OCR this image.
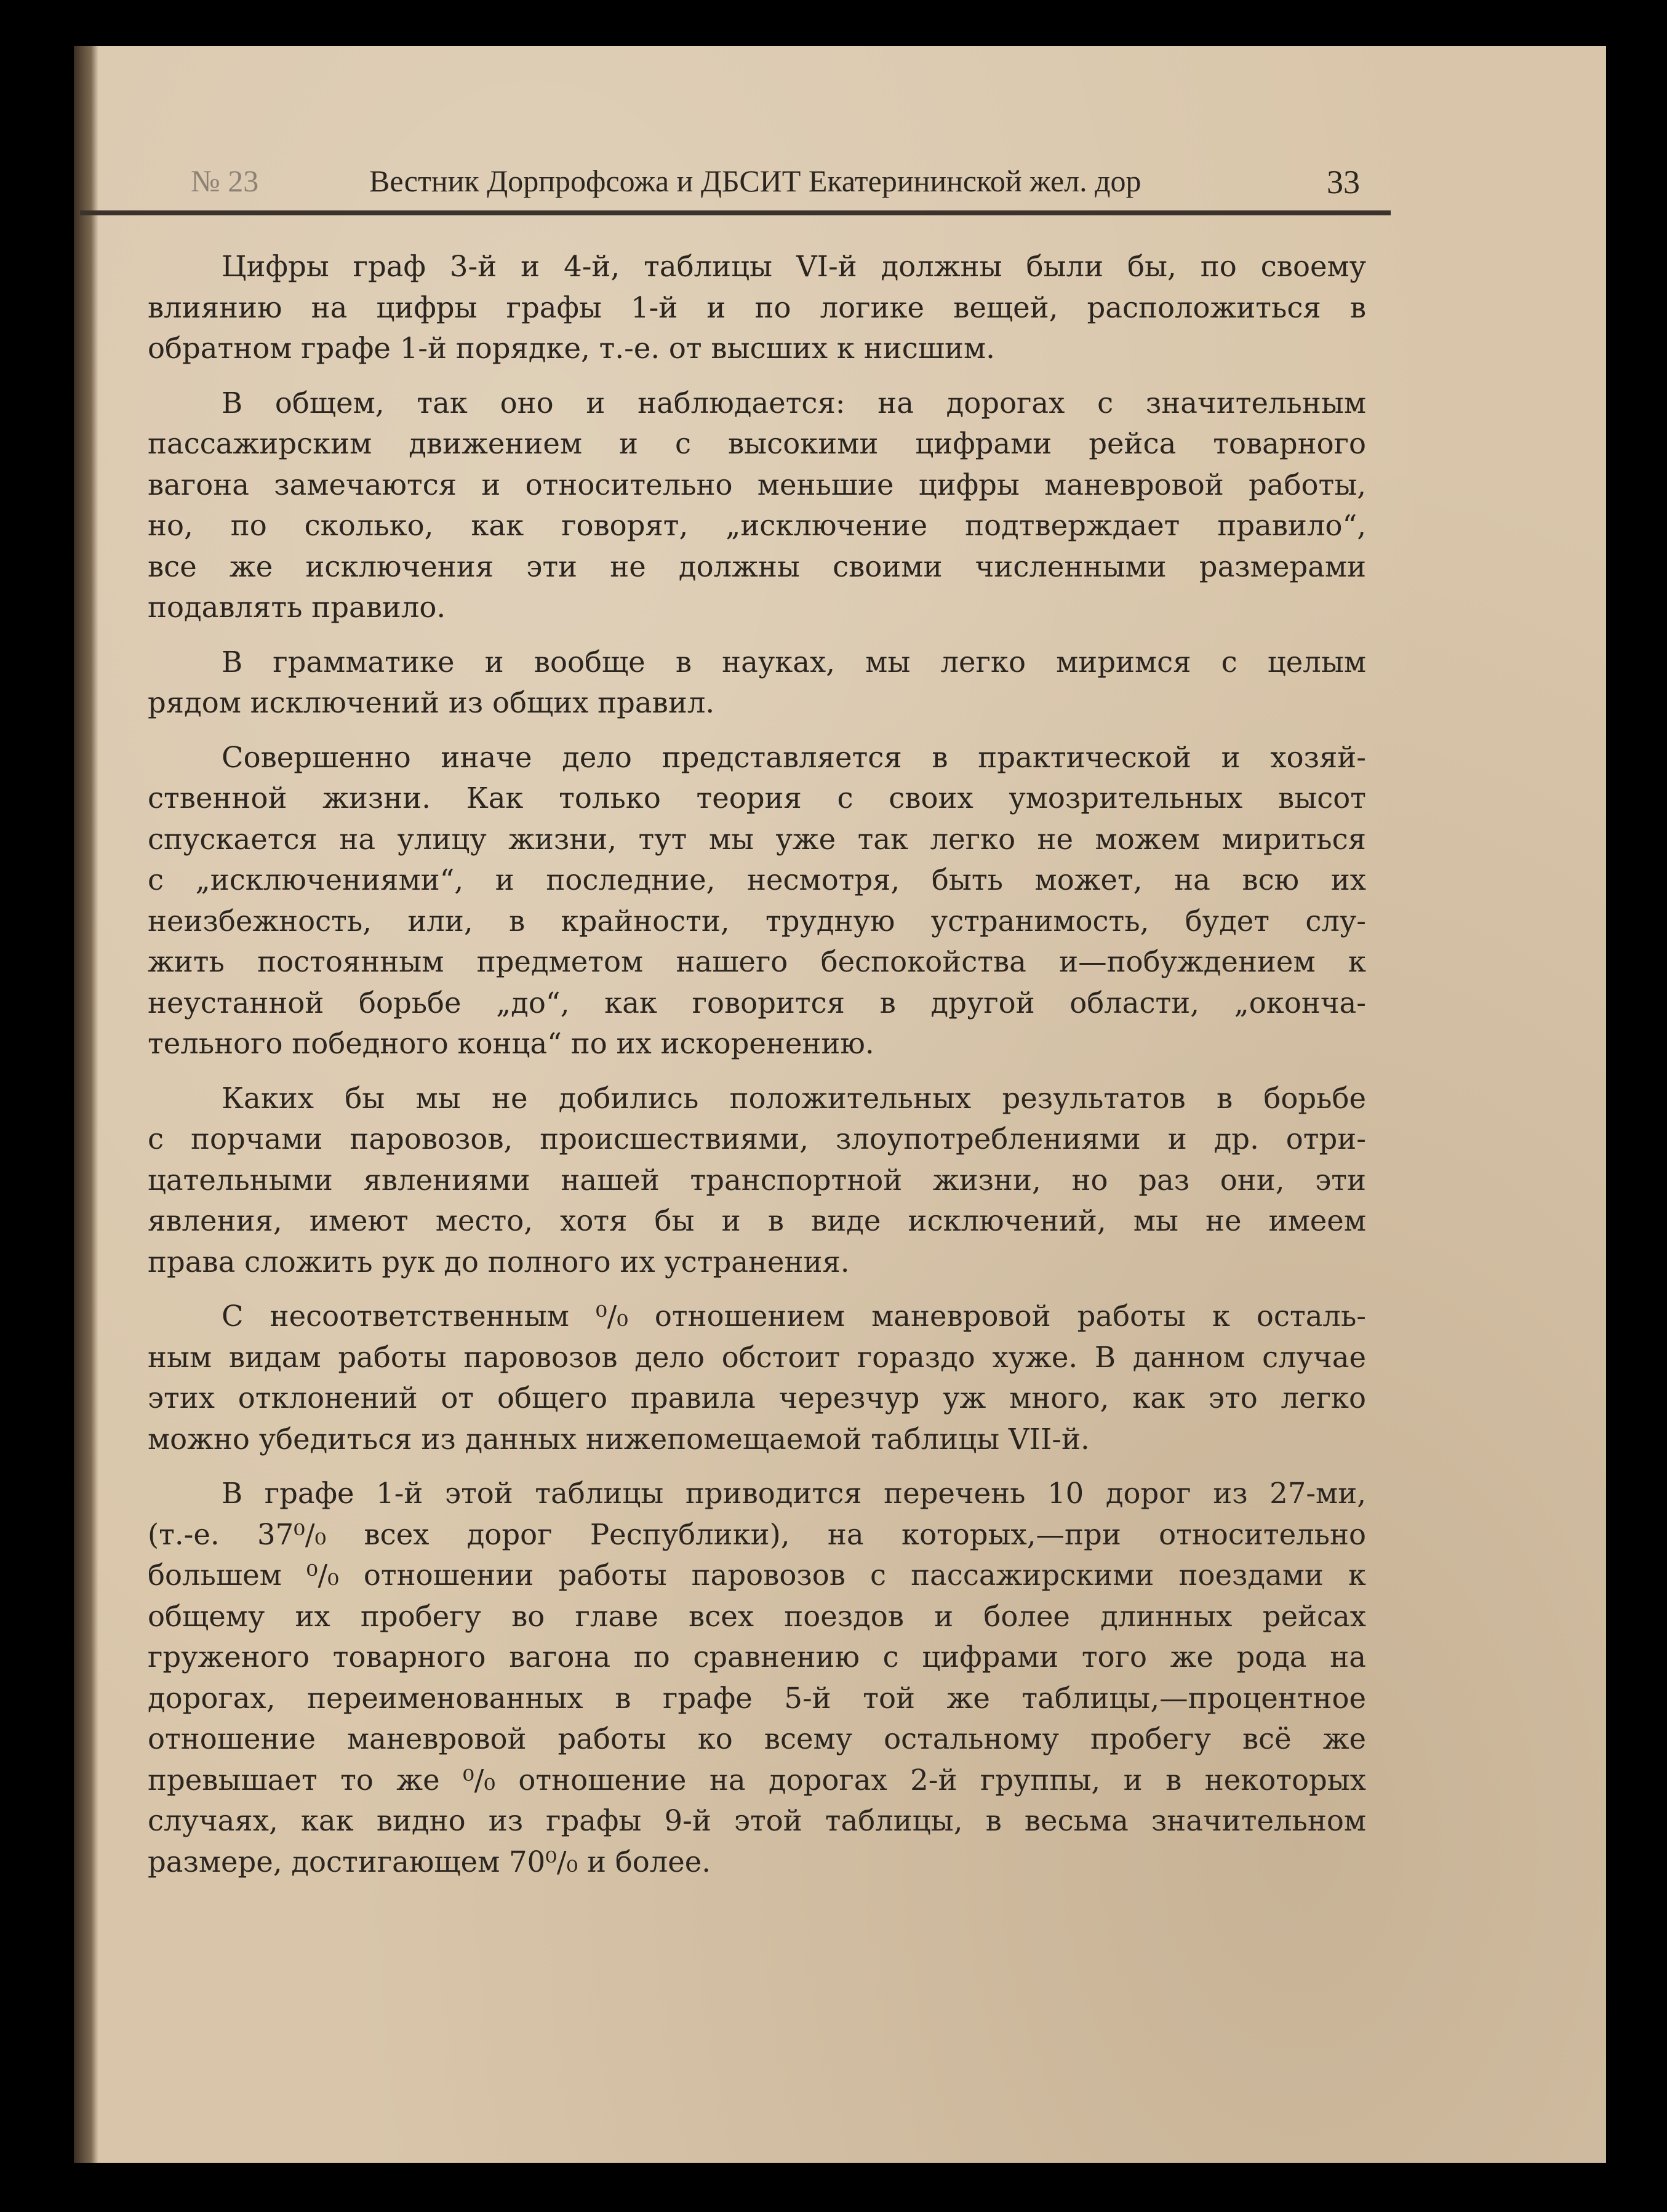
№ 23	Вестник Дорпрофсожа и ДБСИТ Екатерининской жел. дор	33
Цифры граф 3-й и 4-й, таблицы VI-й должны были бы, по своему
влиянию на цифры графы 1-й и по логике вещей, расположиться в
обратном графе 1-й порядке, т.-е. от высших к нисшим.
В общем, так оно и наблюдается: на дорогах с значительным
пассажирским движением и с высокими цифрами рейса товарного
вагона замечаются и относительно меньшие цифры маневровой работы,
но, по сколько, как говорят, „исключение подтверждает правило“,
все же исключения эти не должны своими численными размерами
подавлять правило.
В грамматике и вообще в науках, мы легко миримся с целым
рядом исключений из общих правил.
Совершенно иначе дело представляется в практической и хозяй-
ственной жизни. Как только теория с своих умозрительных высот
спускается на улицу жизни, тут мы уже так легко не можем мириться
с „исключениями“, и последние, несмотря, быть может, на всю их
неизбежность, или, в крайности, трудную устранимость, будет слу-
жить постоянным предметом нашего беспокойства и—побуждением к
неустанной борьбе „до“, как говорится в другой области, „оконча-
тельного победного конца“ по их искоренению.
Каких бы мы не добились положительных результатов в борьбе
с порчами паровозов, происшествиями, злоупотреблениями и др. отри-
цательными явлениями нашей транспортной жизни, но раз они, эти
явления, имеют место, хотя бы и в виде исключений, мы не имеем
права сложить рук до полного их устранения.
С несоответственным ⁰/₀ отношением маневровой работы к осталь-
ным видам работы паровозов дело обстоит гораздо хуже. В данном случае
этих отклонений от общего правила черезчур уж много, как это легко
можно убедиться из данных нижепомещаемой таблицы VII-й.
В графе 1-й этой таблицы приводится перечень 10 дорог из 27-ми,
(т.-е. 37⁰/₀ всех дорог Республики), на которых,—при относительно
большем ⁰/₀ отношении работы паровозов с пассажирскими поездами к
общему их пробегу во главе всех поездов и более длинных рейсах
груженого товарного вагона по сравнению с цифрами того же рода на
дорогах, переименованных в графе 5-й той же таблицы,—процентное
отношение маневровой работы ко всему остальному пробегу всё же
превышает то же ⁰/₀ отношение на дорогах 2-й группы, и в некоторых
случаях, как видно из графы 9-й этой таблицы, в весьма значительном
размере, достигающем 70⁰/₀ и более.
